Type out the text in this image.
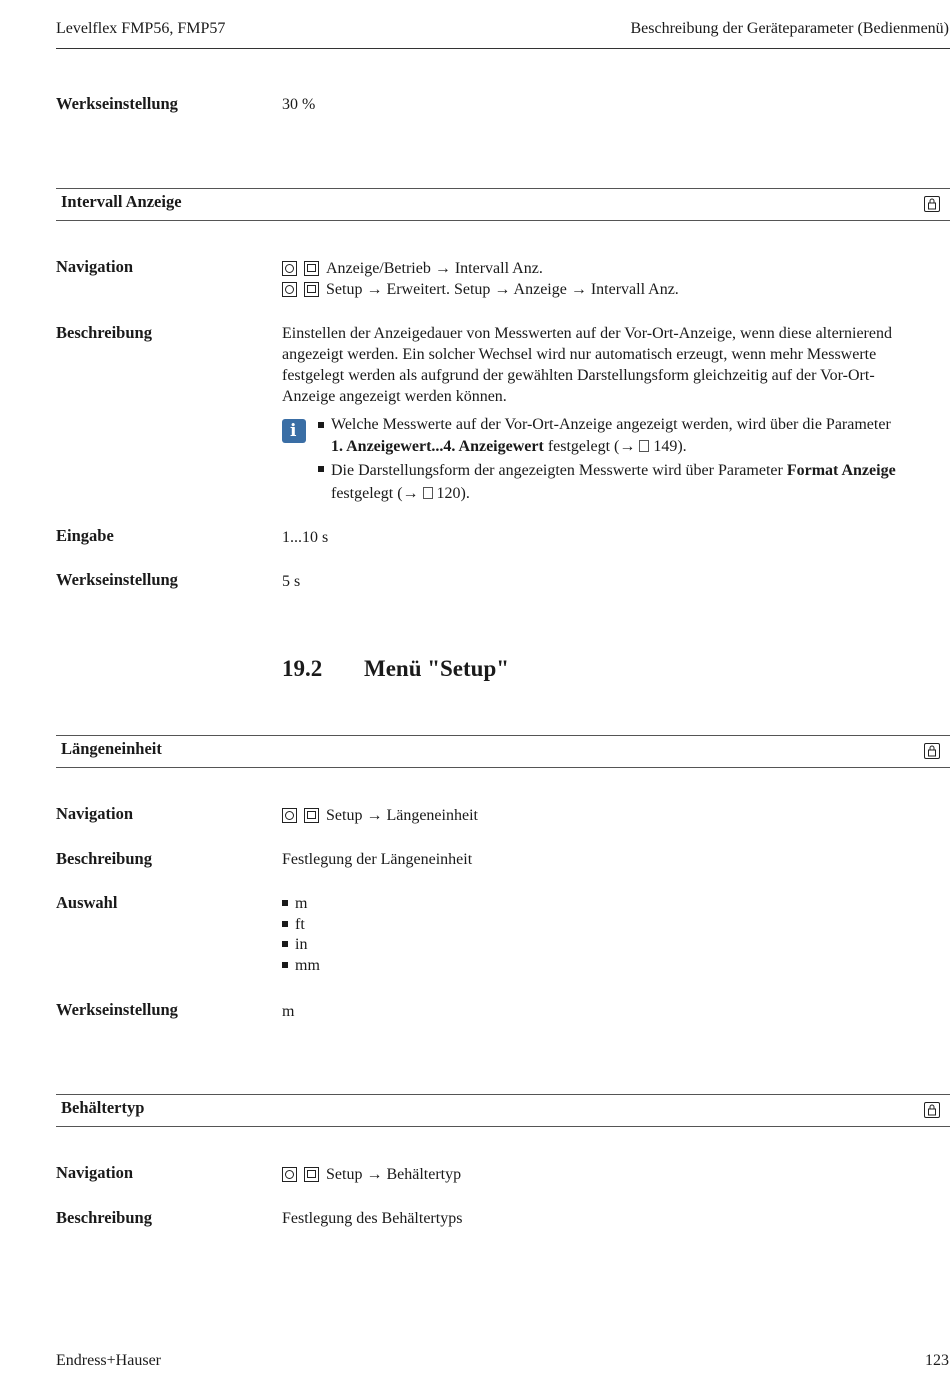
Levelflex FMP56, FMP57	Beschreibung der Geräteparameter (Bedienmenü)
Werkseinstellung	30 %
Intervall Anzeige
Navigation	Anzeige/Betrieb → Intervall Anz.
Setup → Erweitert. Setup → Anzeige → Intervall Anz.
Beschreibung	Einstellen der Anzeigedauer von Messwerten auf der Vor-Ort-Anzeige, wenn diese alternierend
angezeigt werden. Ein solcher Wechsel wird nur automatisch erzeugt, wenn mehr Messwerte
festgelegt werden als aufgrund der gewählten Darstellungsform gleichzeitig auf der Vor-Ort-
Anzeige angezeigt werden können.
i Welche Messwerte auf der Vor-Ort-Anzeige angezeigt werden, wird über die Parameter
1. Anzeigewert...4. Anzeigewert festgelegt (→ 149).
Die Darstellungsform der angezeigten Messwerte wird über Parameter Format Anzeige
festgelegt (→ 120).
Eingabe	1...10 s
Werkseinstellung	5 s
19.2 Menü "Setup"
Längeneinheit
Navigation	Setup → Längeneinheit
Beschreibung	Festlegung der Längeneinheit
Auswahl	m
ft
in
mm
Werkseinstellung	m
Behältertyp
Navigation	Setup → Behältertyp
Beschreibung	Festlegung des Behältertyps
Endress+Hauser	123
